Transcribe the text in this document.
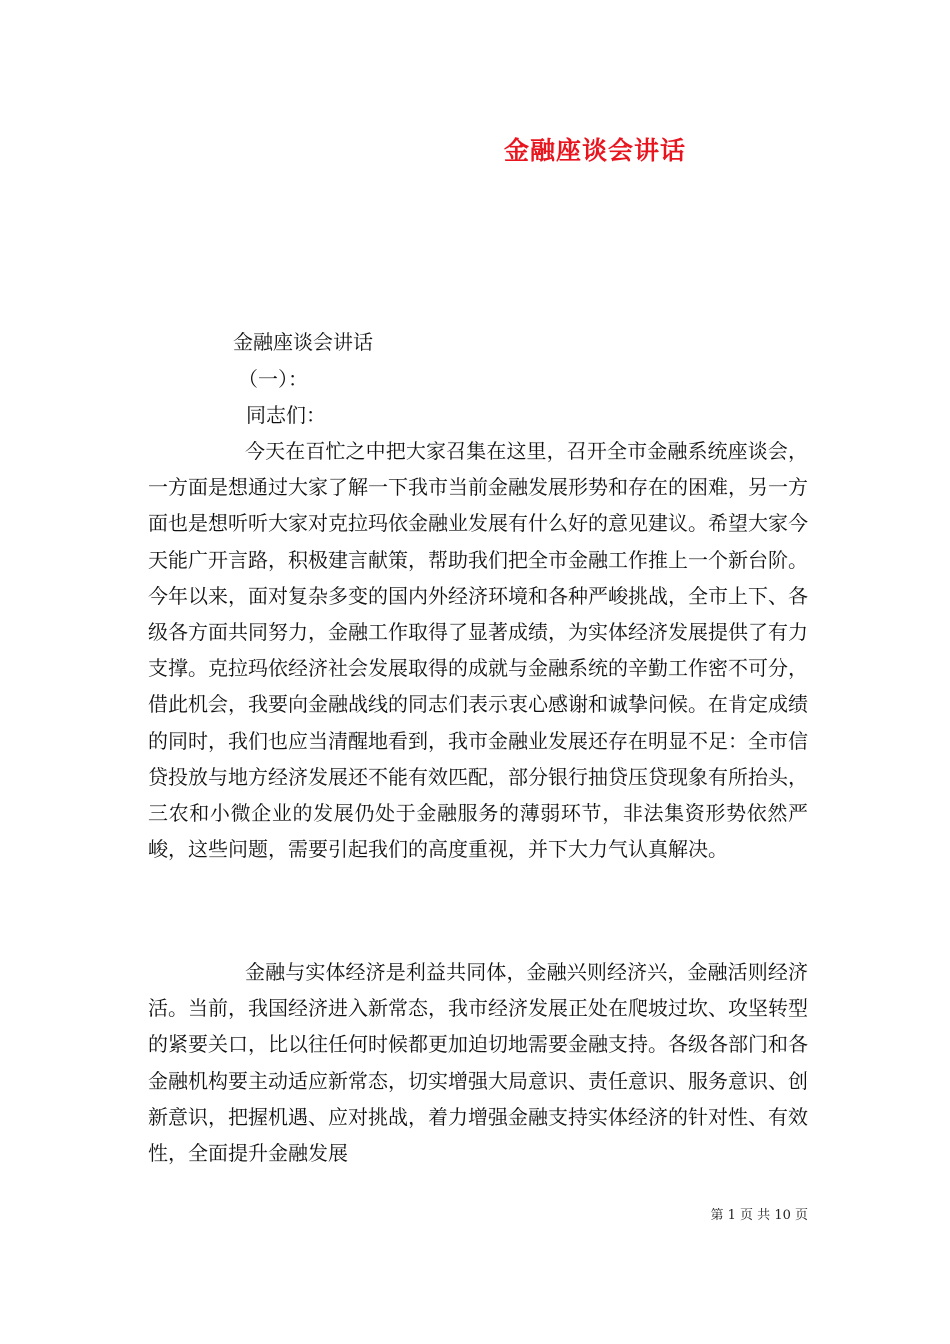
金融座谈会讲话

金融座谈会讲话

（一）：

同志们：

今天在百忙之中把大家召集在这里，召开全市金融系统座谈会，一方面是想通过大家了解一下我市当前金融发展形势和存在的困难，另一方面也是想听听大家对克拉玛依金融业发展有什么好的意见建议。希望大家今天能广开言路，积极建言献策，帮助我们把全市金融工作推上一个新台阶。今年以来，面对复杂多变的国内外经济环境和各种严峻挑战，全市上下、各级各方面共同努力，金融工作取得了显著成绩，为实体经济发展提供了有力支撑。克拉玛依经济社会发展取得的成就与金融系统的辛勤工作密不可分，借此机会，我要向金融战线的同志们表示衷心感谢和诚挚问候。在肯定成绩的同时，我们也应当清醒地看到，我市金融业发展还存在明显不足：全市信贷投放与地方经济发展还不能有效匹配，部分银行抽贷压贷现象有所抬头，三农和小微企业的发展仍处于金融服务的薄弱环节，非法集资形势依然严峻，这些问题，需要引起我们的高度重视，并下大力气认真解决。

金融与实体经济是利益共同体，金融兴则经济兴，金融活则经济活。当前，我国经济进入新常态，我市经济发展正处在爬坡过坎、攻坚转型的紧要关口，比以往任何时候都更加迫切地需要金融支持。各级各部门和各金融机构要主动适应新常态，切实增强大局意识、责任意识、服务意识、创新意识，把握机遇、应对挑战，着力增强金融支持实体经济的针对性、有效性，全面提升金融发展

第 1 页 共 10 页
